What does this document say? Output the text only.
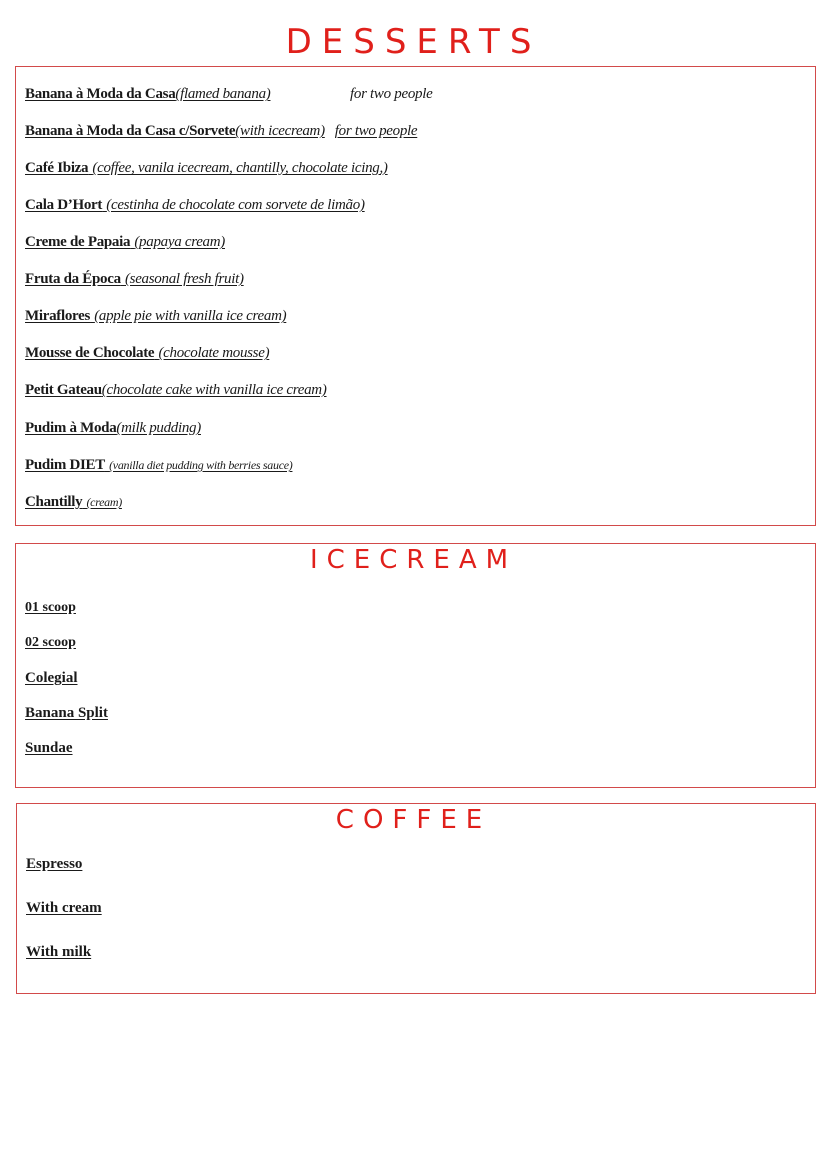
DESSERTS
Banana à Moda da Casa(flamed banana)	for two people
Banana à Moda da Casa c/Sorvete(with icecream) for two people
Café Ibiza (coffee, vanila icecream, chantilly, chocolate icing,)
Cala D’Hort (cestinha de chocolate com sorvete de limão)
Creme de Papaia (papaya cream)
Fruta da Época (seasonal fresh fruit)
Miraflores (apple pie with vanilla ice cream)
Mousse de Chocolate (chocolate mousse)
Petit Gateau(chocolate cake with vanilla ice cream)
Pudim à Moda(milk pudding)
Pudim DIET (vanilla diet pudding with berries sauce)
Chantilly (cream)
ICECREAM
01 scoop
02 scoop
Colegial
Banana Split
Sundae
COFFEE
Espresso
With cream
With milk
